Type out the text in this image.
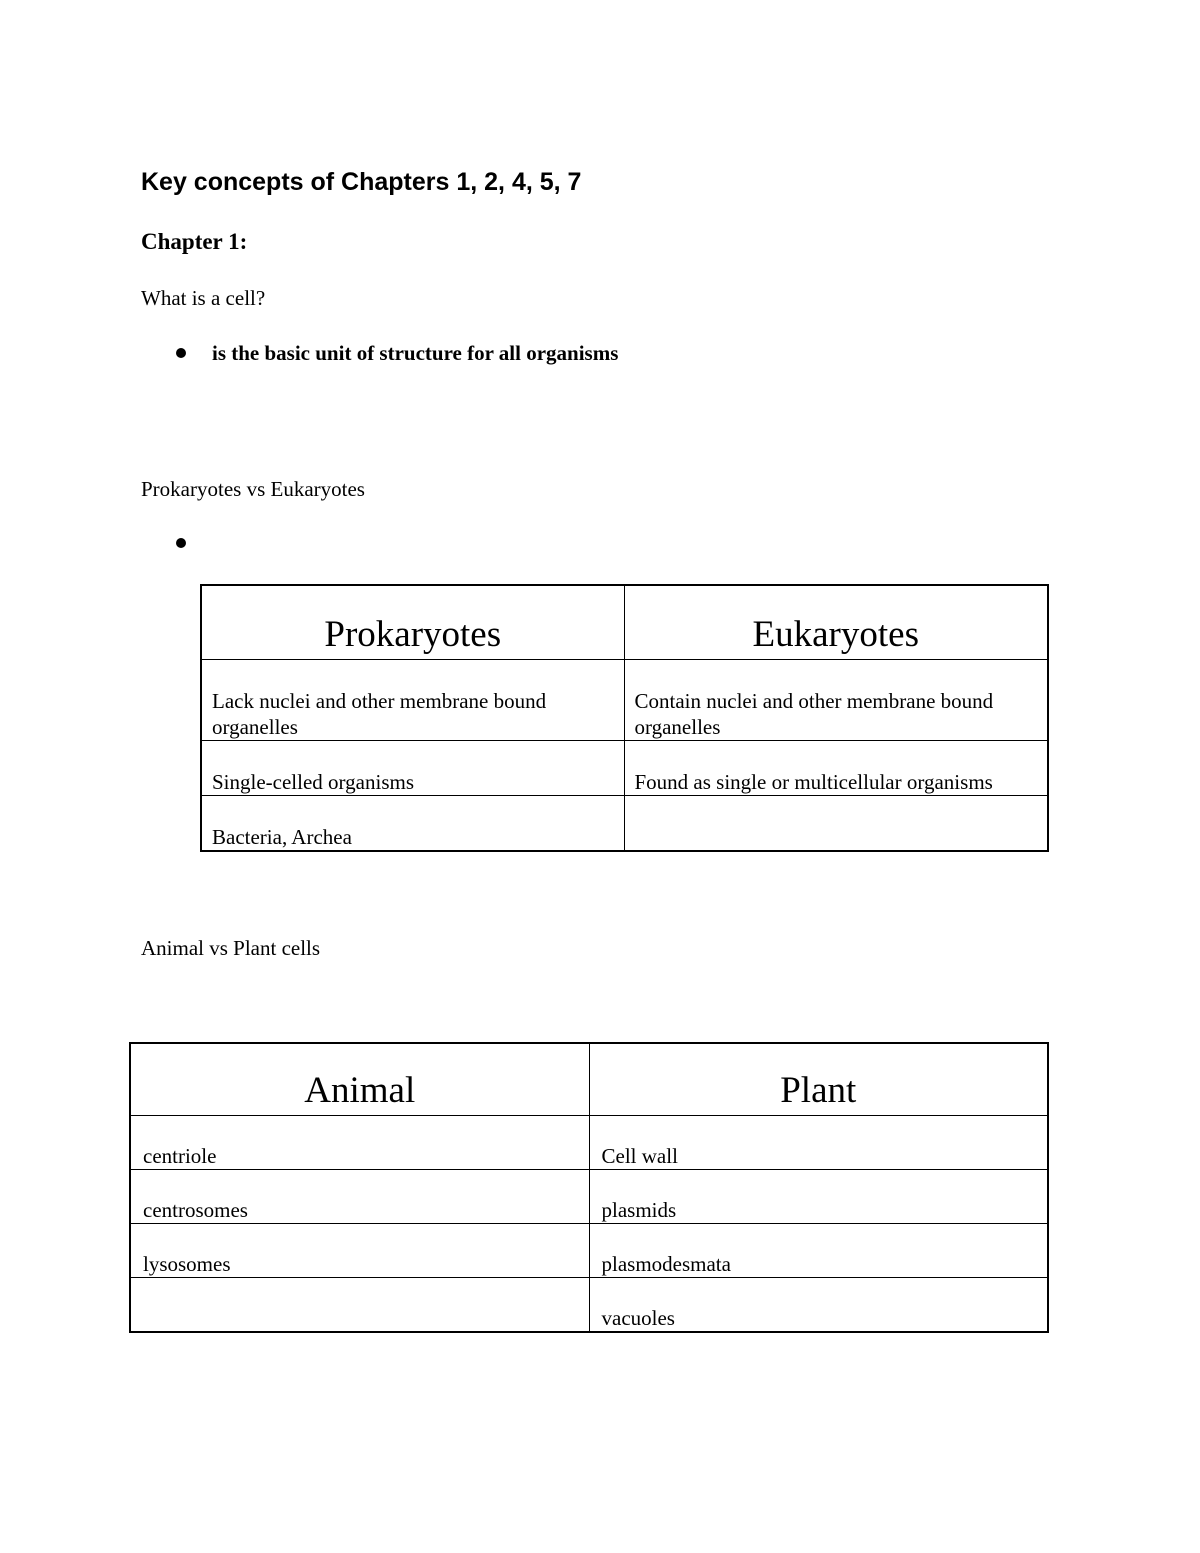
Key concepts of Chapters 1, 2, 4, 5, 7
Chapter 1:
What is a cell?
is the basic unit of structure for all organisms
Prokaryotes vs Eukaryotes
Prokaryotes	Eukaryotes
Lack nuclei and other membrane bound organelles	Contain nuclei and other membrane bound organelles
Single-celled organisms	Found as single or multicellular organisms
Bacteria, Archea	
Animal vs Plant cells
Animal	Plant
centriole	Cell wall
centrosomes	plasmids
lysosomes	plasmodesmata
	vacuoles
